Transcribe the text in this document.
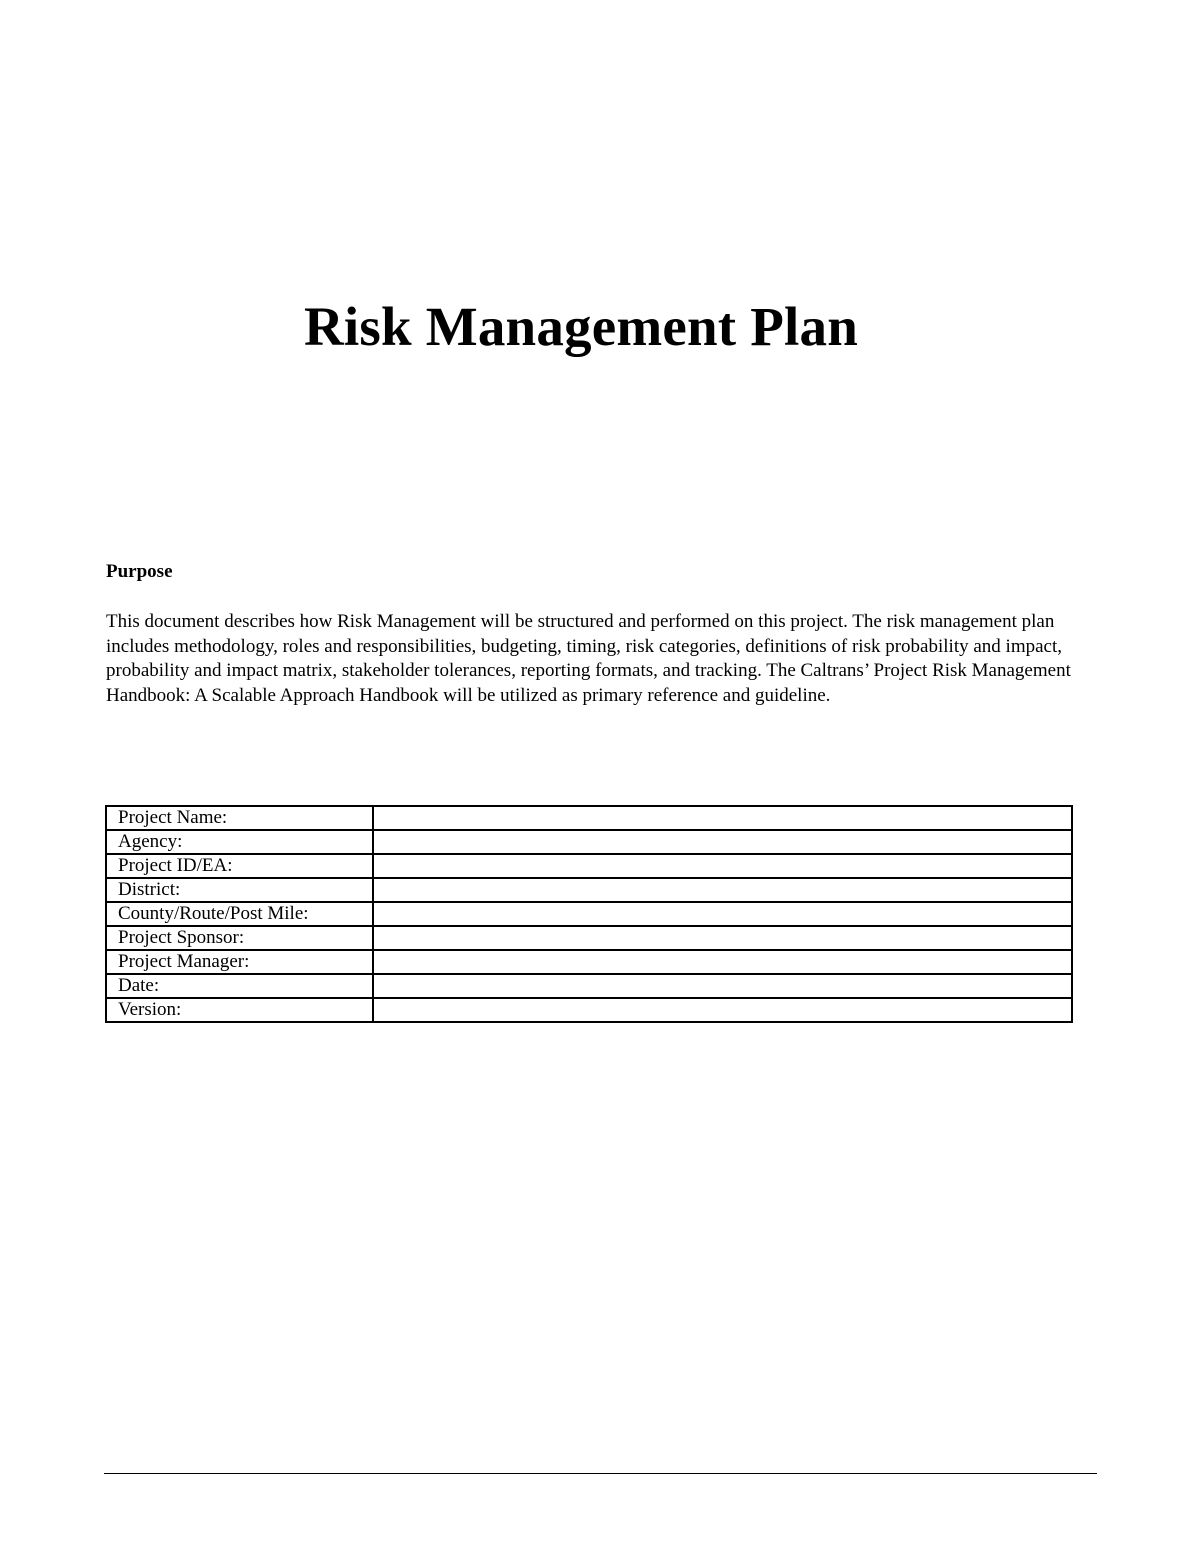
Risk Management Plan
Purpose

This document describes how Risk Management will be structured and performed on this project. The risk management plan includes methodology, roles and responsibilities, budgeting, timing, risk categories, definitions of risk probability and impact, probability and impact matrix, stakeholder tolerances, reporting formats, and tracking. The Caltrans’ Project Risk Management Handbook: A Scalable Approach Handbook will be utilized as primary reference and guideline.

Project Name:	
Agency:	
Project ID/EA:	
District:	
County/Route/Post Mile:	
Project Sponsor:	
Project Manager:	
Date:	
Version:	
